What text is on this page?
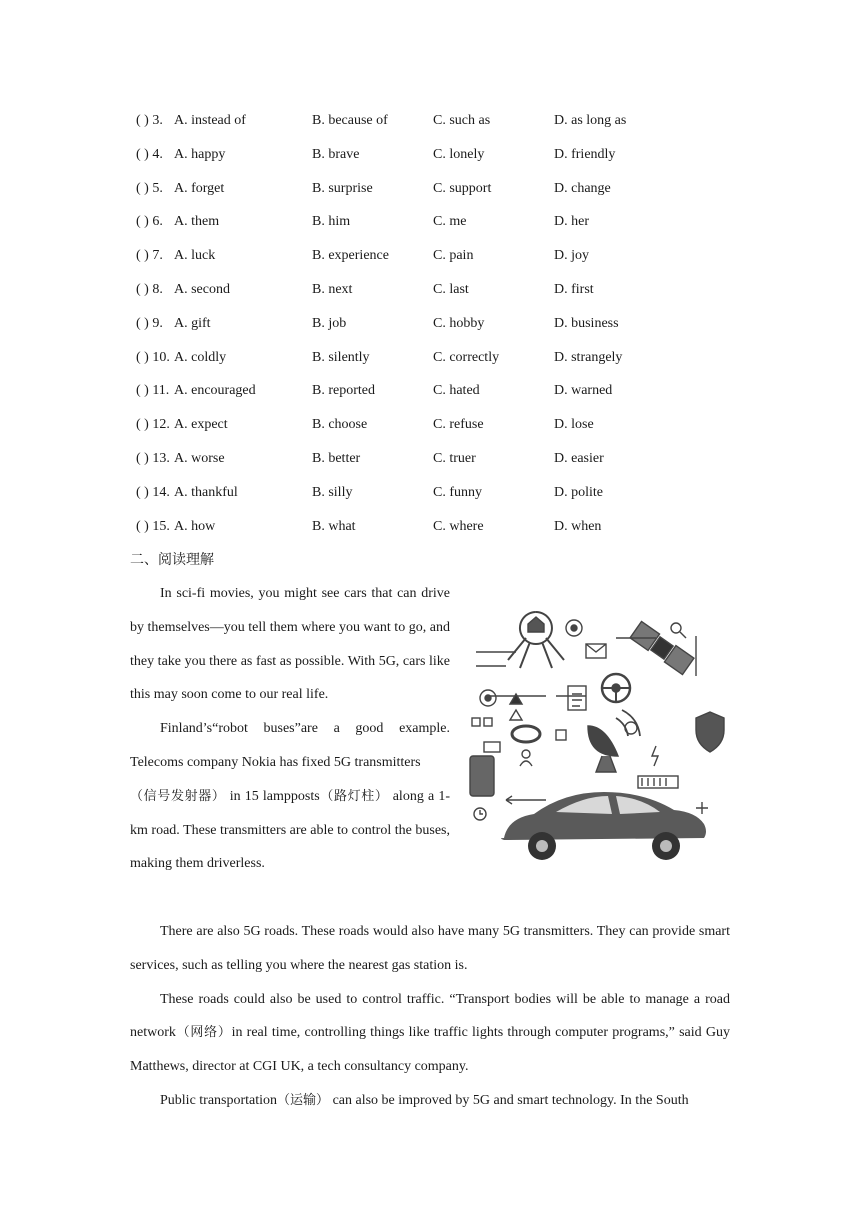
( ) 3. A. instead of	B. because of	C. such as	D. as long as
( ) 4. A. happy	B. brave	C. lonely	D. friendly
( ) 5. A. forget	B. surprise	C. support	D. change
( ) 6. A. them	B. him	C. me	D. her
( ) 7. A. luck	B. experience	C. pain	D. joy
( ) 8. A. second	B. next	C. last	D. first
( ) 9. A. gift	B. job	C. hobby	D. business
( ) 10. A. coldly	B. silently	C. correctly	D. strangely
( ) 11. A. encouraged	B. reported	C. hated	D. warned
( ) 12. A. expect	B. choose	C. refuse	D. lose
( ) 13. A. worse	B. better	C. truer	D. easier
( ) 14. A. thankful	B. silly	C. funny	D. polite
( ) 15. A. how	B. what	C. where	D. when
二、阅读理解

In sci-fi movies, you might see cars that can drive by themselves—you tell them where you want to go, and they take you there as fast as possible. With 5G, cars like this may soon come to our real life.

Finland’s“robot buses”are a good example. Telecoms company Nokia has fixed 5G transmitters
（信号发射器） in 15 lampposts（路灯柱） along a 1-km road. These transmitters are able to control the buses, making them driverless.

There are also 5G roads. These roads would also have many 5G transmitters. They can provide smart services, such as telling you where the nearest gas station is.

These roads could also be used to control traffic. “Transport bodies will be able to manage a road network（网络）in real time, controlling things like traffic lights through computer programs,” said Guy Matthews, director at CGI UK, a tech consultancy company.

Public transportation（运输） can also be improved by 5G and smart technology. In the South
